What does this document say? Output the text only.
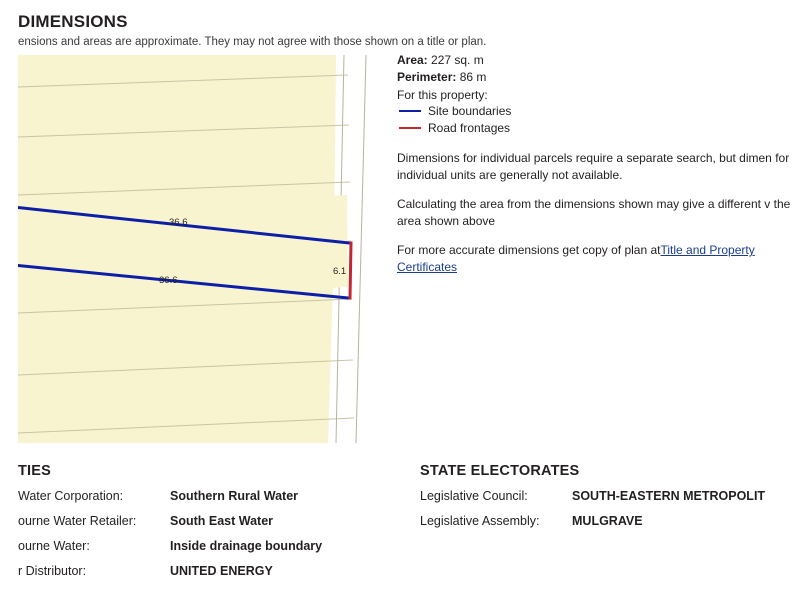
DIMENSIONS
ensions and areas are approximate. They may not agree with those shown on a title or plan.
36.6
36.6
6.1
Area: 227 sq. m
Perimeter: 86 m
For this property:
Site boundaries
Road frontages
Dimensions for individual parcels require a separate search, but dimen for individual units are generally not available.
Calculating the area from the dimensions shown may give a different v the area shown above
For more accurate dimensions get copy of plan atTitle and Property Certificates
TIES
Water Corporation:	Southern Rural Water
ourne Water Retailer:	South East Water
ourne Water:	Inside drainage boundary
r Distributor:	UNITED ENERGY
STATE ELECTORATES
Legislative Council:	SOUTH-EASTERN METROPOLIT
Legislative Assembly:	MULGRAVE
